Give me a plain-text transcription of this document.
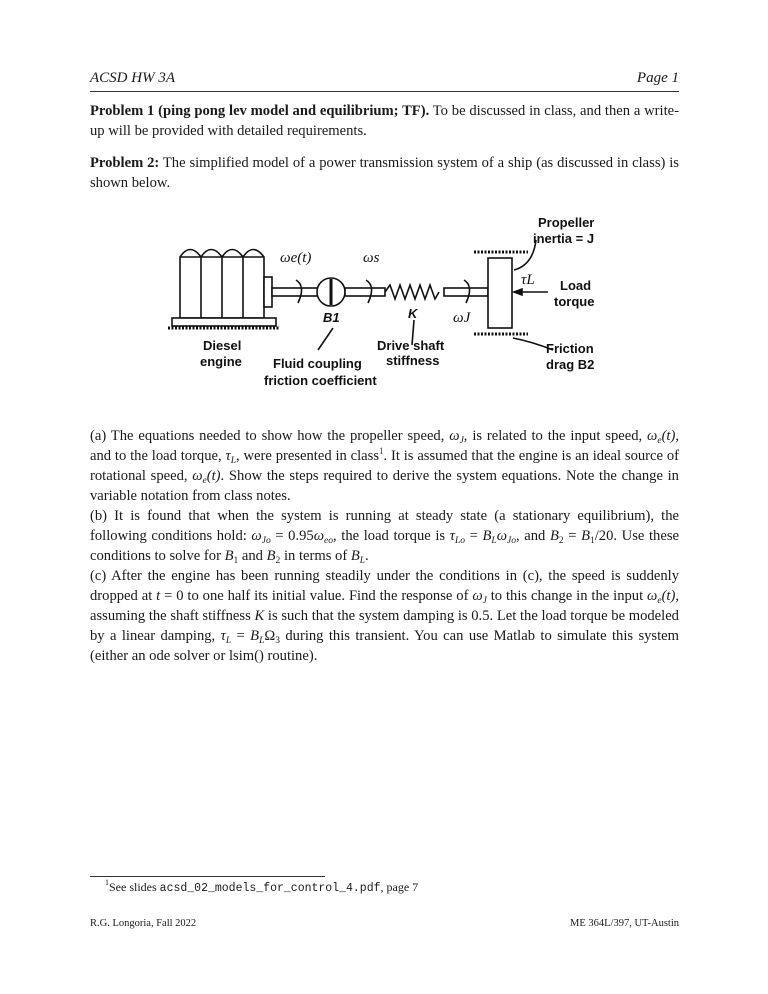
ACSD HW 3A	Page 1
Problem 1 (ping pong lev model and equilibrium; TF). To be discussed in class, and then a write-up will be provided with detailed requirements.
Problem 2: The simplified model of a power transmission system of a ship (as discussed in class) is shown below.
ωe(t)	ωs
ωJ
τL
B1	K
Propeller
inertia = J
Load
torque
Diesel
engine Fluid coupling
friction coefficient
Drive shaft
stiffness
Friction
drag B2
(a) The equations needed to show how the propeller speed, $\omega_J$, is related to the input speed, $\omega_e(t)$, and to the load torque, $\tau_L$, were presented in class$^1$. It is assumed that the engine is an ideal source of rotational speed, $\omega_e(t)$. Show the steps required to derive the system equations. Note the change in variable notation from class notes.
(b) It is found that when the system is running at steady state (a stationary equilibrium), the following conditions hold: $\omega_{Jo} = 0.95\omega_{eo}$, the load torque is $\tau_{Lo} = B_L\omega_{Jo}$, and $B_2 = B_1/20$. Use these conditions to solve for $B_1$ and $B_2$ in terms of $B_L$.
(c) After the engine has been running steadily under the conditions in (c), the speed is suddenly dropped at t = 0 to one half its initial value. Find the response of $\omega_J$ to this change in the input $\omega_e(t)$, assuming the shaft stiffness K is such that the system damping is 0.5. Let the load torque be modeled by a linear damping, $\tau_L = B_L\Omega_3$ during this transient. You can use Matlab to simulate this system (either an ode solver or lsim() routine).
$^1$See slides acsd_02_models_for_control_4.pdf, page 7
R.G. Longoria, Fall 2022	ME 364L/397, UT-Austin
